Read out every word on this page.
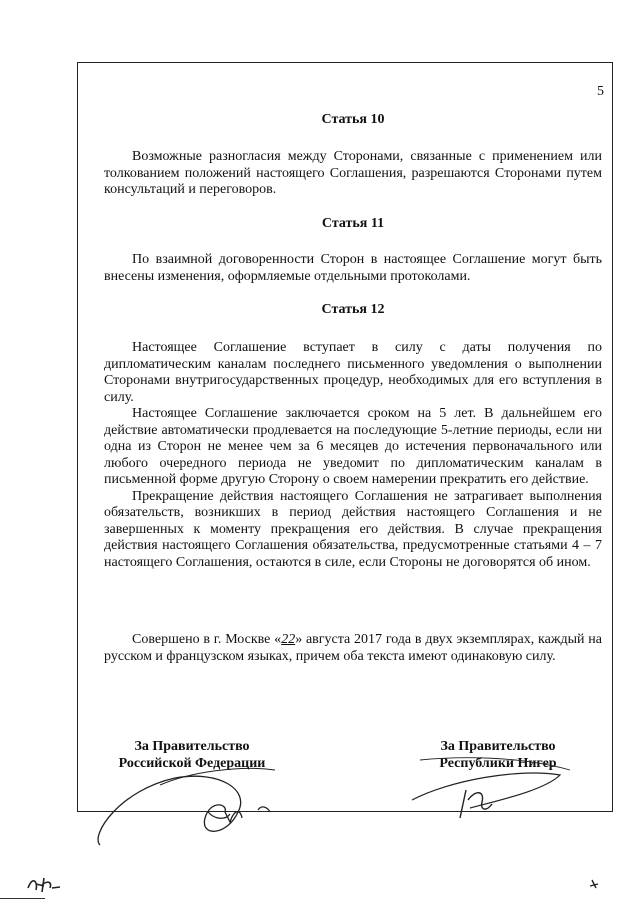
5
Статья 10

Возможные разногласия между Сторонами, связанные с применением или толкованием положений настоящего Соглашения, разрешаются Сторонами путем консультаций и переговоров.

Статья 11

По взаимной договоренности Сторон в настоящее Соглашение могут быть внесены изменения, оформляемые отдельными протоколами.

Статья 12

Настоящее Соглашение вступает в силу с даты получения по дипломатическим каналам последнего письменного уведомления о выполнении Сторонами внутригосударственных процедур, необходимых для его вступления в силу.

Настоящее Соглашение заключается сроком на 5 лет. В дальнейшем его действие автоматически продлевается на последующие 5-летние периоды, если ни одна из Сторон не менее чем за 6 месяцев до истечения первоначального или любого очередного периода не уведомит по дипломатическим каналам в письменной форме другую Сторону о своем намерении прекратить его действие.

Прекращение действия настоящего Соглашения не затрагивает выполнения обязательств, возникших в период действия настоящего Соглашения и не завершенных к моменту прекращения его действия. В случае прекращения действия настоящего Соглашения обязательства, предусмотренные статьями 4 – 7 настоящего Соглашения, остаются в силе, если Стороны не договорятся об ином.

Совершено в г. Москве «22» августа 2017 года в двух экземплярах, каждый на русском и французском языках, причем оба текста имеют одинаковую силу.

За Правительство
Российской Федерации
За Правительство
Республики Нигер
